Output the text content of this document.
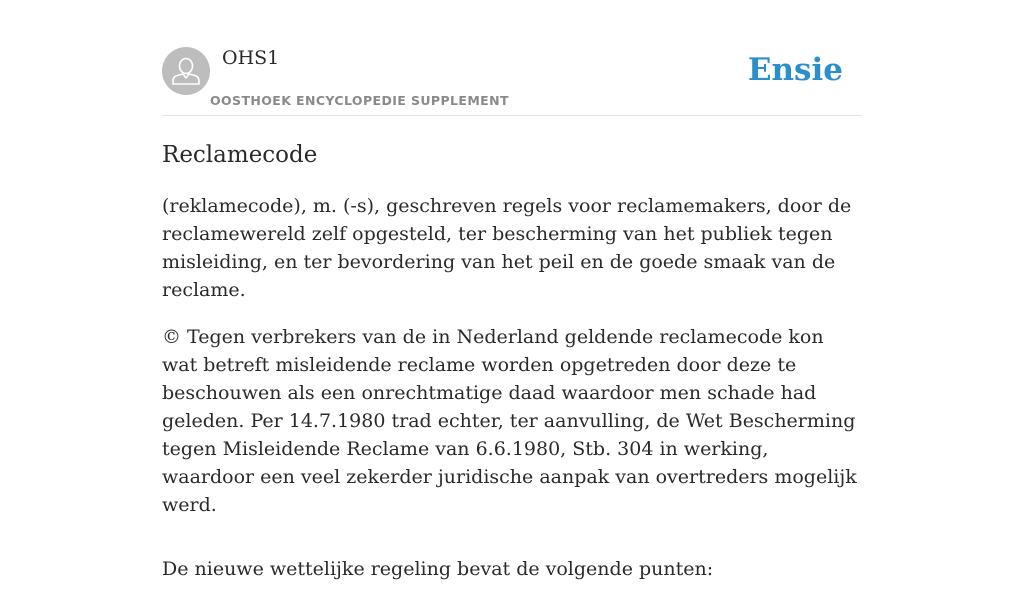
OHS1
OOSTHOEK ENCYCLOPEDIE SUPPLEMENT
Ensie
Reclamecode

(reklamecode), m. (-s), geschreven regels voor reclamemakers, door de reclamewereld zelf opgesteld, ter bescherming van het publiek tegen misleiding, en ter bevordering van het peil en de goede smaak van de reclame.

© Tegen verbrekers van de in Nederland geldende reclamecode kon wat betreft misleidende reclame worden opgetreden door deze te beschouwen als een onrechtmatige daad waardoor men schade had geleden. Per 14.7.1980 trad echter, ter aanvulling, de Wet Bescherming tegen Misleidende Reclame van 6.6.1980, Stb. 304 in werking, waardoor een veel zekerder juridische aanpak van overtreders mogelijk werd.

De nieuwe wettelijke regeling bevat de volgende punten:
